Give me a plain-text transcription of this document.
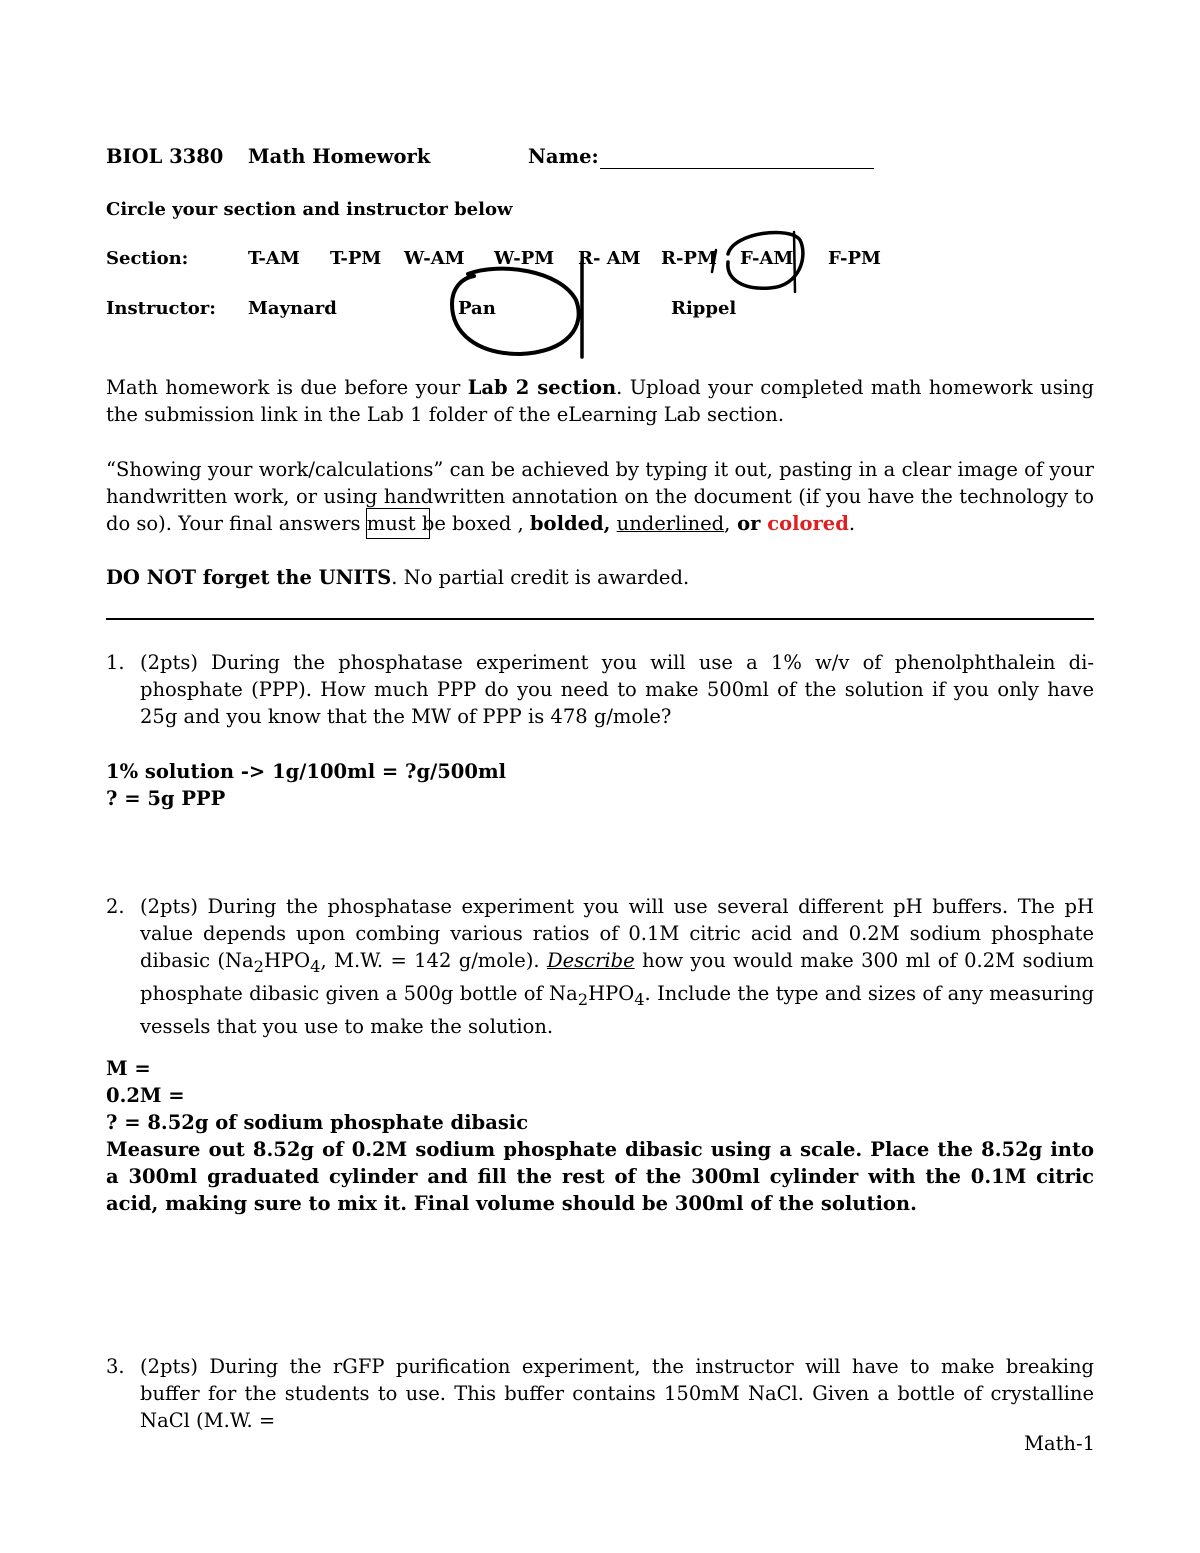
BIOL 3380 Math Homework	Name:
Circle your section and instructor below
Section:	T-AM T-PM W-AM W-PM R- AM R-PM F-AM F-PM
Instructor: Maynard	Pan	Rippel
Math homework is due before your Lab 2 section. Upload your completed math homework using the submission link in the Lab 1 folder of the eLearning Lab section.
“Showing your work/calculations” can be achieved by typing it out, pasting in a clear image of your handwritten work, or using handwritten annotation on the document (if you have the technology to do so). Your final answers must be boxed , bolded, underlined, or colored.
DO NOT forget the UNITS. No partial credit is awarded.
1. (2pts) During the phosphatase experiment you will use a 1% w/v of phenolphthalein di-phosphate (PPP). How much PPP do you need to make 500ml of the solution if you only have 25g and you know that the MW of PPP is 478 g/mole?
1% solution -> 1g/100ml = ?g/500ml
? = 5g PPP
2. (2pts) During the phosphatase experiment you will use several different pH buffers. The pH value depends upon combing various ratios of 0.1M citric acid and 0.2M sodium phosphate dibasic ($Na_2HPO_4$, M.W. = 142 g/mole). Describe how you would make 300 ml of 0.2M sodium phosphate dibasic given a 500g bottle of $Na_2HPO_4$. Include the type and sizes of any measuring vessels that you use to make the solution.
M =
0.2M =
? = 8.52g of sodium phosphate dibasic
Measure out 8.52g of 0.2M sodium phosphate dibasic using a scale. Place the 8.52g into a 300ml graduated cylinder and fill the rest of the 300ml cylinder with the 0.1M citric acid, making sure to mix it. Final volume should be 300ml of the solution.
3. (2pts) During the rGFP purification experiment, the instructor will have to make breaking buffer for the students to use. This buffer contains 150mM NaCl. Given a bottle of crystalline NaCl (M.W. =
Math-1
